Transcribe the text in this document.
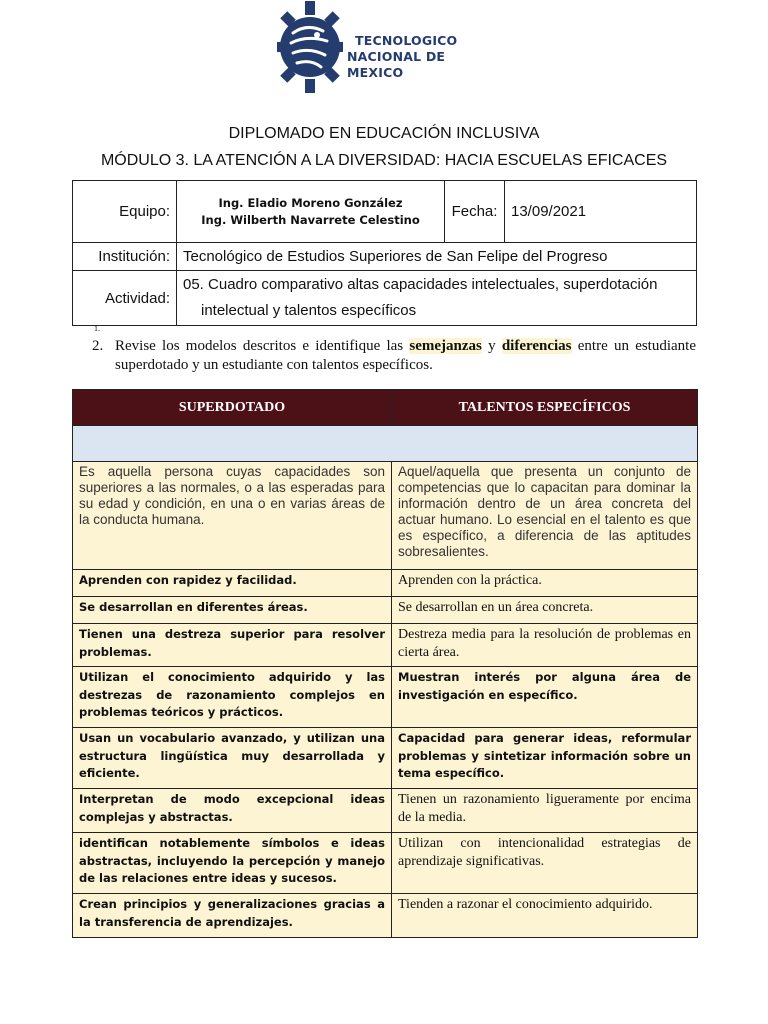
TECNOLOGICO
NACIONAL DE MEXICO
DIPLOMADO EN EDUCACIÓN INCLUSIVA
MÓDULO 3. LA ATENCIÓN A LA DIVERSIDAD: HACIA ESCUELAS EFICACES
Equipo:	Ing. Eladio Moreno González
Ing. Wilberth Navarrete Celestino	Fecha:	13/09/2021
Institución:	Tecnológico de Estudios Superiores de San Felipe del Progreso		
Actividad:	05. Cuadro comparativo altas capacidades intelectuales, superdotación
intelectual y talentos específicos		
1.
2. Revise los modelos descritos e identifique las semejanzas y diferencias entre un estudiante superdotado y un estudiante con talentos específicos.
SUPERDOTADO	TALENTOS ESPECÍFICOS

Es aquella persona cuyas capacidades son superiores a las normales, o a las esperadas para su edad y condición, en una o en varias áreas de la conducta humana.	Aquel/aquella que presenta un conjunto de competencias que lo capacitan para dominar la información dentro de un área concreta del actuar humano. Lo esencial en el talento es que es específico, a diferencia de las aptitudes sobresalientes.
Aprenden con rapidez y facilidad.	Aprenden con la práctica.
Se desarrollan en diferentes áreas.	Se desarrollan en un área concreta.
Tienen una destreza superior para resolver problemas.	Destreza media para la resolución de problemas en cierta área.
Utilizan el conocimiento adquirido y las destrezas de razonamiento complejos en problemas teóricos y prácticos.	Muestran interés por alguna área de investigación en específico.
Usan un vocabulario avanzado, y utilizan una estructura lingüística muy desarrollada y eficiente.	Capacidad para generar ideas, reformular problemas y sintetizar información sobre un tema específico.
Interpretan de modo excepcional ideas complejas y abstractas.	Tienen un razonamiento ligueramente por encima de la media.
identifican notablemente símbolos e ideas abstractas, incluyendo la percepción y manejo de las relaciones entre ideas y sucesos.	Utilizan con intencionalidad estrategias de aprendizaje significativas.
Crean principios y generalizaciones gracias a la transferencia de aprendizajes.	Tienden a razonar el conocimiento adquirido.
